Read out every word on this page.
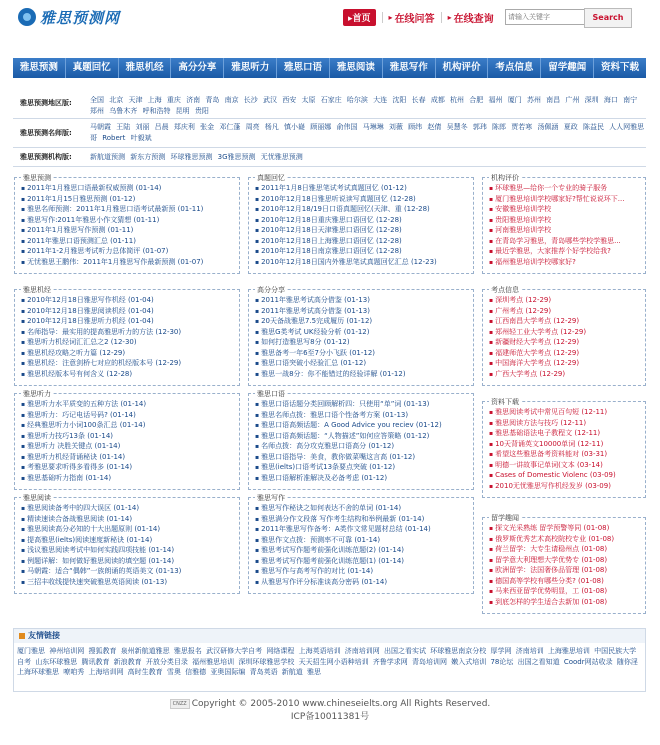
雅思预测网	▸首页	▸ 在线问答 ▸ 在线查询
请输入关键字	Search
雅思预测	真题回忆	雅思机经	高分分享	雅思听力	雅思口语	雅思阅读	雅思写作	机构评价	考点信息	留学趣闻	资料下载
雅思预测地区版:	全国 北京 天津 上海 重庆 济南 青岛 南京 长沙 武汉 西安 太原 石家庄 哈尔滨 大连 沈阳 长春 成都 杭州 合肥 福州 厦门 苏州 南昌 广州 深圳 海口 南宁 郑州 乌鲁木齐 呼和浩特 昆明 贵阳
雅思预测名师版:
马朝霞 王陆 刘丽 吕晨 郑庆利 张金 邓仁蓬 周亮 杨凡 慎小嶷 顾丽娜 俞伟国 马琳琳 刘薇 顾纬 赵倩 吴慧冬 郭玮 陈郎 贾若寒 汤佩涵 夏政 陈益民 人人网雅思哥 Robert 叶毅斌
雅思预测机构版:	新航道预测 新东方预测 环球雅思预测 3G雅思预测 无忧雅思预测
雅思预测
▪ 2011年1月雅思口语最新权威预测 (01-14)
▪ 2011年1月15日雅思预测 (01-12)
▪ 雅思名师预测：2011年1月雅思口语考试最新预 (01-11)
▪ 雅思写作:2011年雅思小作文猜想 (01-11)
▪ 2011年1月雅思写作预测 (01-11)
▪ 2011年雅思口语预测汇总 (01-11)
▪ 2011年1-2月雅思考试听力总体简评 (01-07)
▪ 无忧雅思王鹏伟：2011年1月雅思写作最新预测 (01-07)
真题回忆
▪ 2011年1月8日雅思笔试考试真题回忆 (01-12)
▪ 2010年12月18日雅思听说读写真题回忆 (12-28)
▪ 2010年12月18/19日口语真题回忆(天津、重 (12-28)
▪ 2010年12月18日重庆雅思口语回忆 (12-28)
▪ 2010年12月18日天津雅思口语回忆 (12-28)
▪ 2010年12月18日上海雅思口语回忆 (12-28)
▪ 2010年12月18日南京雅思口语回忆 (12-28)
▪ 2010年12月18日国内外雅思笔试真题回忆汇总 (12-23)
机构评价
▪ 环球雅思—给你一个专业的骑子服务
▪ 厦门雅思培训学校哪家好?帮忙说说环下...
▪ 安徽雅思培训学校
▪ 贵阳雅思培训学校
▪ 河南雅思培训学校
▪ 在青岛学习雅思，青岛哪些学校学雅思...
▪ 最近学雅思，大家推荐个好学校给我?
▪ 福州雅思培训学校哪家好?
雅思机经
▪ 2010年12月18日雅思写作机经 (01-04)
▪ 2010年12月18日雅思阅读机经 (01-04)
▪ 2010年12月18日雅思听力机经 (01-04)
▪ 名师指导：最实用的提高雅思听力的方法 (12-30)
▪ 雅思听力机经词汇汇总之2 (12-30)
▪ 雅思机经攻略之听力篇 (12-29)
▪ 雅思机经：注意剑桥七对应的机经版本号 (12-29)
▪ 雅思机经版本号有何含义 (12-28)
高分分享
▪ 2011年雅思考试高分借鉴 (01-13)
▪ 2011年雅思考试高分借鉴 (01-13)
▪ 20天备战雅思7.5完成履历 (01-12)
▪ 雅思G类考试 UK经验分析 (01-12)
▪ 如何打造雅思写8分 (01-12)
▪ 雅思备考一年6至7分小飞跃 (01-12)
▪ 雅思口语突破小经验汇总 (01-12)
▪ 雅思一战8分：你不能错过的经验详解 (01-12)
考点信息
▪ 深圳考点 (12-29)
▪ 广州考点 (12-29)
▪ 江西南昌大学考点 (12-29)
▪ 郑州轻工业大学考点 (12-29)
▪ 新疆财经大学考点 (12-29)
▪ 福建师范大学考点 (12-29)
▪ 中国海洋大学考点 (12-29)
▪ 广西大学考点 (12-29)
雅思听力
▪ 雅思听力水平质变的五种方法 (01-14)
▪ 雅思听力：巧记电话号码? (01-14)
▪ 经典雅思听力小词100条汇总 (01-14)
▪ 雅思听力技巧13条 (01-14)
▪ 雅思听力 决胜关键点 (01-14)
▪ 雅思听力机经背诵秘诀 (01-14)
▪ 考雅思要求听得多看得多 (01-14)
▪ 雅思基础听力指南 (01-14)
雅思口语
▪ 雅思口语话题分类回顾解析四：只使用“单”词 (01-13)
▪ 雅思名师点拨：雅思口语个性备考方案 (01-13)
▪ 雅思口语高频话题：A Good Advice you reciev (01-12)
▪ 雅思口语高频话题：“人物描述”如何应答策略 (01-12)
▪ 名师点拨：高分攻克雅思口语高分 (01-12)
▪ 雅思口语指导：美食，教你做菜嘴这言高 (01-12)
▪ 雅思(ielts)口语考试13条要点突破 (01-12)
▪ 雅思口语解析准解决及必备考虑 (01-12)
资料下载
▪ 雅思阅读考试中常见百句短 (12-11)
▪ 雅思阅读方法与技巧 (12-11)
▪ 雅思基础语法电子教程文 (12-11)
▪ 10天背诵英文10000单词 (12-11)
▪ 希望这些雅思备考资料能对 (03-31)
▪ 明德一讲故事记单词(文本 (03-14)
▪ Cases of Domestic Violenc (03-09)
▪ 2010无忧雅思写作机经发岁 (03-09)
雅思阅读
▪ 雅思阅读备考中的四大误区 (01-14)
▪ 精读速读合备战雅思阅读 (01-14)
▪ 雅思阅读高分必知的十大出题原则 (01-14)
▪ 提高雅思(ielts)阅读速度新秘诀 (01-14)
▪ 浅议雅思阅读考试中如何实践四项技能 (01-14)
▪ 例题详解：如何做好雅思阅读的填空题 (01-14)
▪ 马朝霞：适合“偶韩”一族朗诵的英语美文 (01-13)
▪ 三招丰收线提快速突破雅思英语阅读 (01-13)
雅思写作
▪ 雅思写作秘诀之如何表达不舍的单词 (01-14)
▪ 雅思满分作文段落 写作考生结构和举例最新 (01-14)
▪ 2011年雅思写作备考：A类作文常见题材总结 (01-14)
▪ 雅思作文点拨：预测率不可靠 (01-14)
▪ 雅思考试写作题考前强化训练范题(2) (01-14)
▪ 雅思考试写作题考前强化训练范题(1) (01-14)
▪ 雅思写作与高考写作的对比 (01-14)
▪ 从雅思写作评分标准谈高分密码 (01-14)
留学趣闻
▪ 探文光采熟练 留学预警等同 (01-08)
▪ 俄罗斯优秀艺术高校院校专业 (01-08)
▪ 荷兰留学：大专生请稳州点 (01-08)
▪ 留学意大利理想大学优势专 (01-08)
▪ 欧洲留学：法国奢侈品管理 (01-08)
▪ 德国高等学校有哪些分类? (01-08)
▪ 马来西亚留学优势明显，工 (01-08)
▪ 到底怎样的学生适合去新加 (01-08)
友情链接
厦门雅思 神州培训网 搜狐教育 泉州新航道雅思 雅思报名 武汉研修大学自考 网络课程 上海英语培训 济南培训网 出国之看实试 环球雅思南京分校 厚学网 济南培训 上海雅思培训 中国民族大学自考 山东环球雅思 腾讯教育 新浪教育 开放分类目录 福州雅思培训 深圳环球雅思学校 天天招生网小语种培训 齐鲁学求网 青岛培训网 嫩入式培训 78论坛 出国之看知道 Coodr网站收录 随你淫 上海环球雅思 嘹咱秀 上海培训网 高时生教育 雪奥 信雅德 亚奥国际编 青岛英语 新航道 雅思
CNZZ Copyright © 2005-2010 www.chineseielts.org All Rights Reserved.
ICP备10011381号
